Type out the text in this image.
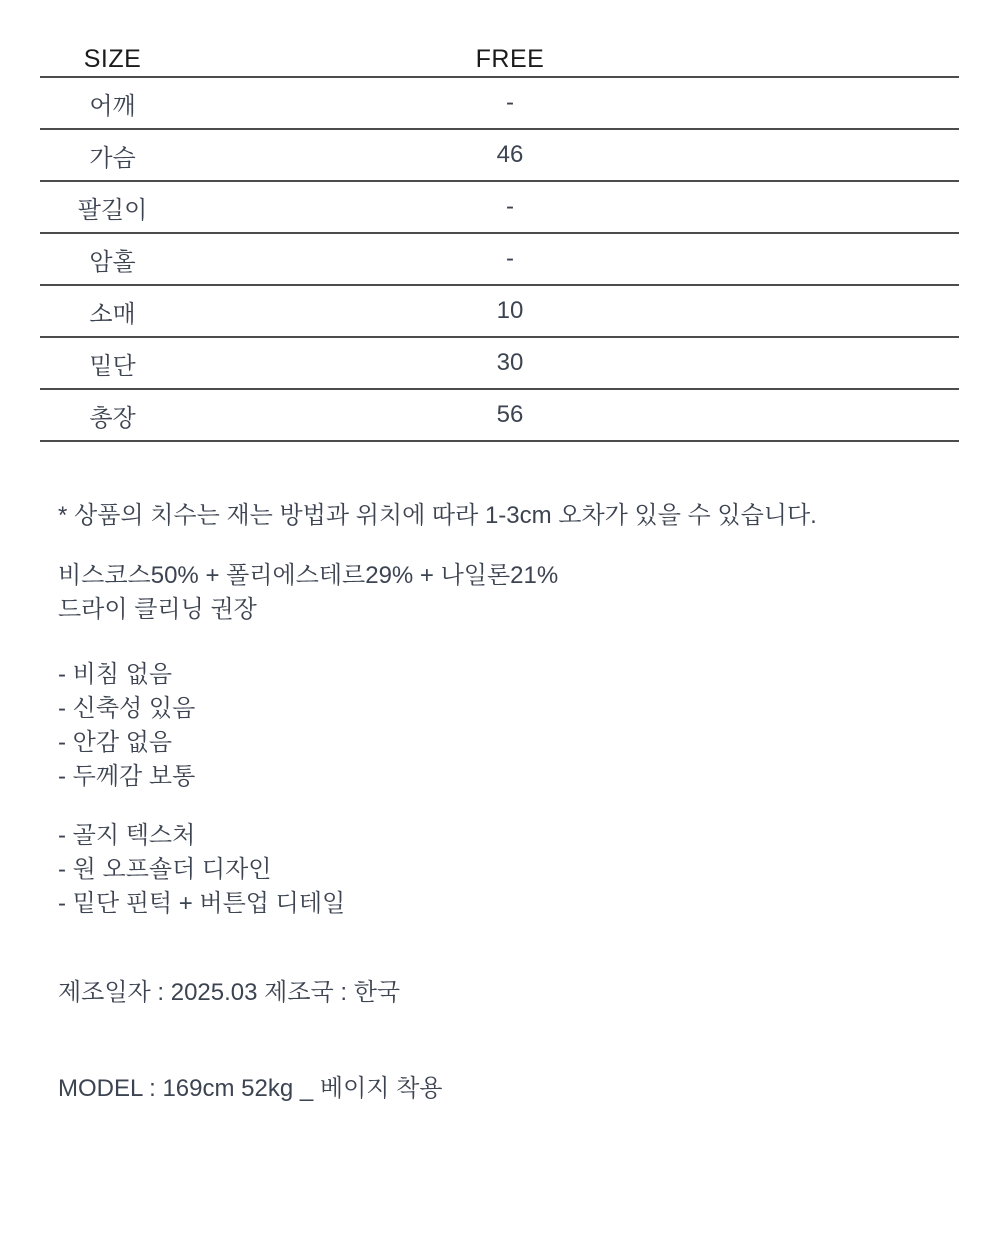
SIZE	FREE
어깨	-
가슴	46
팔길이	-
암홀	-
소매	10
밑단	30
총장	56
* 상품의 치수는 재는 방법과 위치에 따라 1-3cm 오차가 있을 수 있습니다.
비스코스50% + 폴리에스테르29% + 나일론21%
드라이 클리닝 권장
- 비침 없음
- 신축성 있음
- 안감 없음
- 두께감 보통
- 골지 텍스처
- 원 오프숄더 디자인
- 밑단 핀턱 + 버튼업 디테일
제조일자 : 2025.03 제조국 : 한국
MODEL : 169cm 52kg _ 베이지 착용
